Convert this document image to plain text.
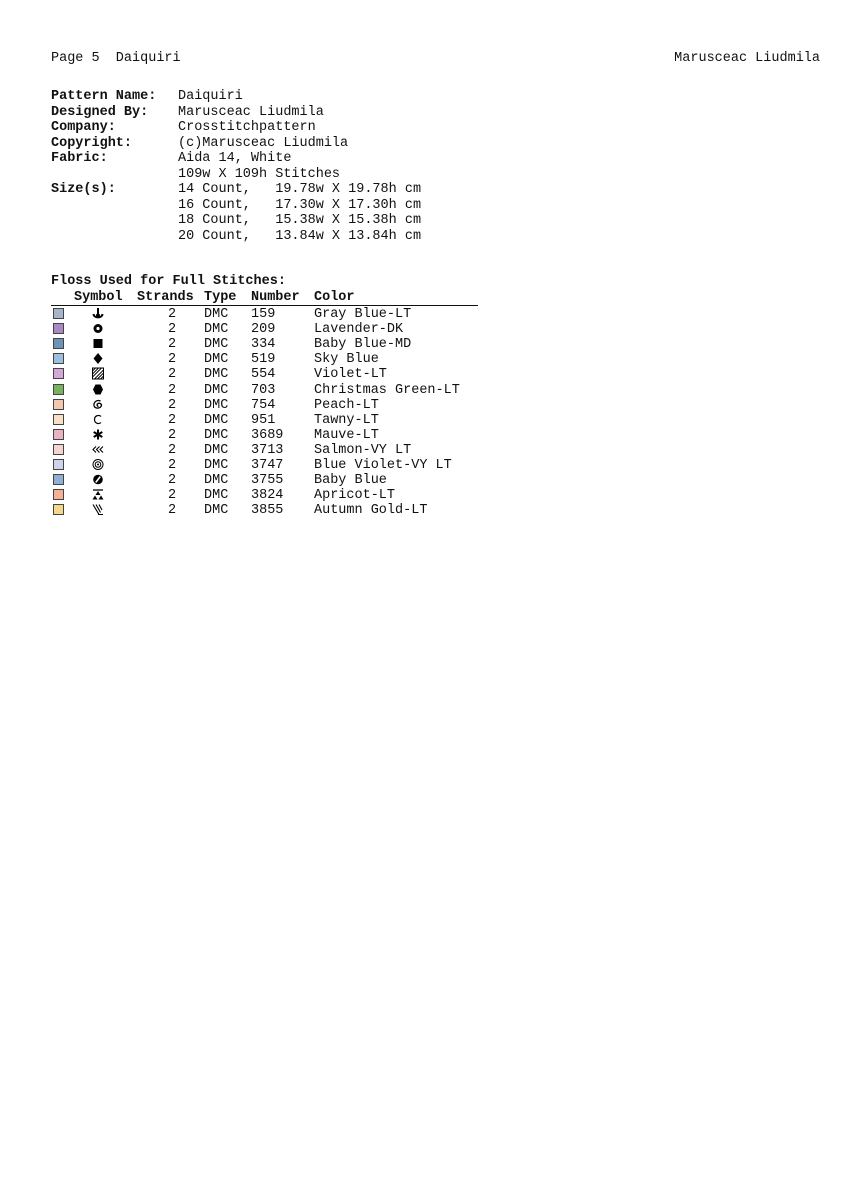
Page 5  Daiquiri	Marusceac Liudmila
Pattern Name: Daiquiri
Designed By: Marusceac Liudmila
Company:	Crosstitchpattern
Copyright:	(c)Marusceac Liudmila
Fabric:	Aida 14, White
109w X 109h Stitches
Size(s):	14 Count,   19.78w X 19.78h cm
16 Count,   17.30w X 17.30h cm
18 Count,   15.38w X 15.38h cm
20 Count,   13.84w X 13.84h cm
Floss Used for Full Stitches:
Symbol Strands Type Number Color
2 DMC 159	Gray Blue-LT
2 DMC 209	Lavender-DK
2 DMC 334	Baby Blue-MD
2 DMC 519	Sky Blue
2 DMC 554	Violet-LT
2 DMC 703	Christmas Green-LT
2 DMC 754	Peach-LT
2 DMC 951	Tawny-LT
2 DMC 3689 Mauve-LT
2 DMC 3713 Salmon-VY LT
2 DMC 3747 Blue Violet-VY LT
2 DMC 3755 Baby Blue
2 DMC 3824 Apricot-LT
2 DMC 3855 Autumn Gold-LT
